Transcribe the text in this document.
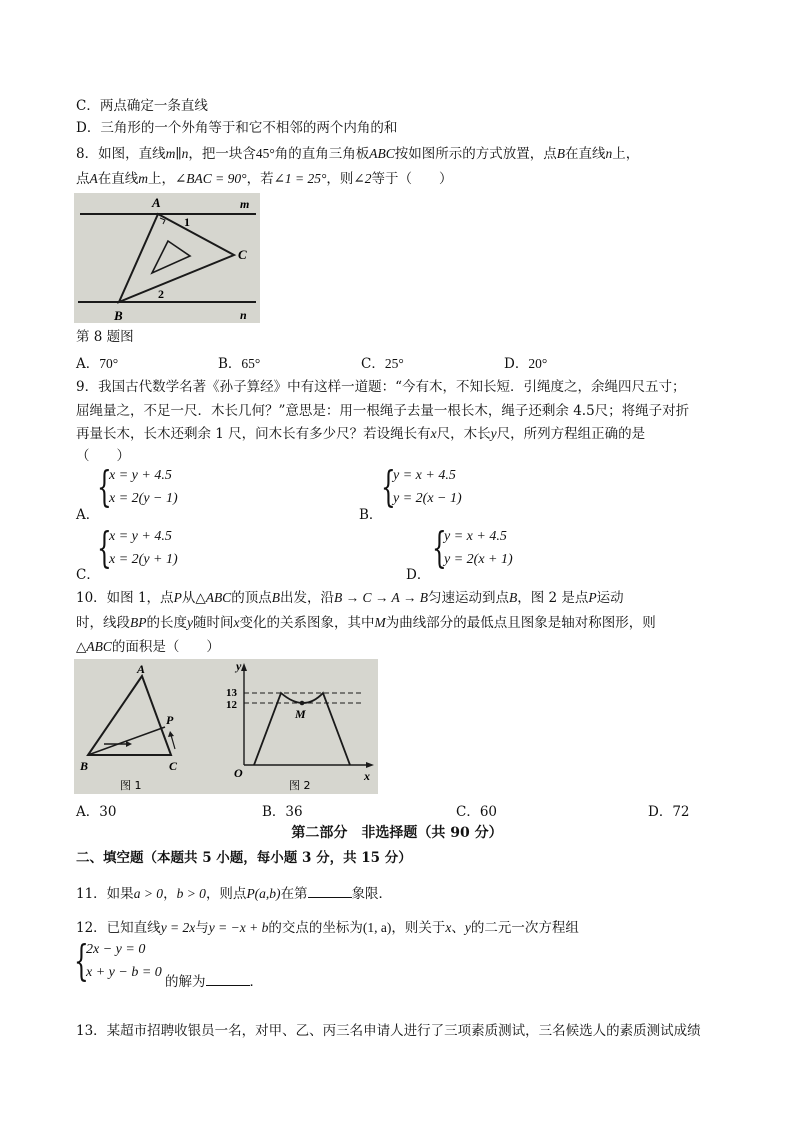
C．两点确定一条直线
D．三角形的一个外角等于和它不相邻的两个内角的和
8．如图，直线m∥n，把一块含45°角的直角三角板ABC按如图所示的方式放置，点B在直线n上，
点A在直线m上，∠BAC = 90°，若∠1 = 25°，则∠2等于（　　）
A
B
C
1
2
m
n
第 8 题图
A．70°	B．65°	C．25°	D．20°
9．我国古代数学名著《孙子算经》中有这样一道题：“今有木，不知长短．引绳度之，余绳四尺五寸；
屈绳量之，不足一尺．木长几何？”意思是：用一根绳子去量一根长木，绳子还剩余 4.5尺；将绳子对折
再量长木，长木还剩余 1 尺，问木长有多少尺？若设绳长有x尺，木长y尺，所列方程组正确的是
（　　）
A．
{
x = y + 4.5
x = 2(y − 1)
B．
{
y = x + 4.5
y = 2(x − 1)
C．
{
x = y + 4.5
x = 2(y + 1)
D．
{
y = x + 4.5
y = 2(x + 1)
10．如图 1，点P从△ABC的顶点B出发，沿B → C → A → B匀速运动到点B，图 2 是点P运动
时，线段BP的长度y随时间x变化的关系图象，其中M为曲线部分的最低点且图象是轴对称图形，则
△ABC的面积是（　　）
A
B	C
P
图 1
y
x
O
M
13
12
图 2
A．30	B．36	C．60	D．72
第二部分　非选择题（共 90 分）
二、填空题（本题共 5 小题，每小题 3 分，共 15 分）
11．如果a > 0，b > 0，则点P(a,b)在第	象限．
12．已知直线y = 2x与y = −x + b的交点的坐标为(1, a)，则关于x、y的二元一次方程组
{
2x − y = 0
x + y − b = 0
的解为	．
13．某超市招聘收银员一名，对甲、乙、丙三名申请人进行了三项素质测试，三名候选人的素质测试成绩
